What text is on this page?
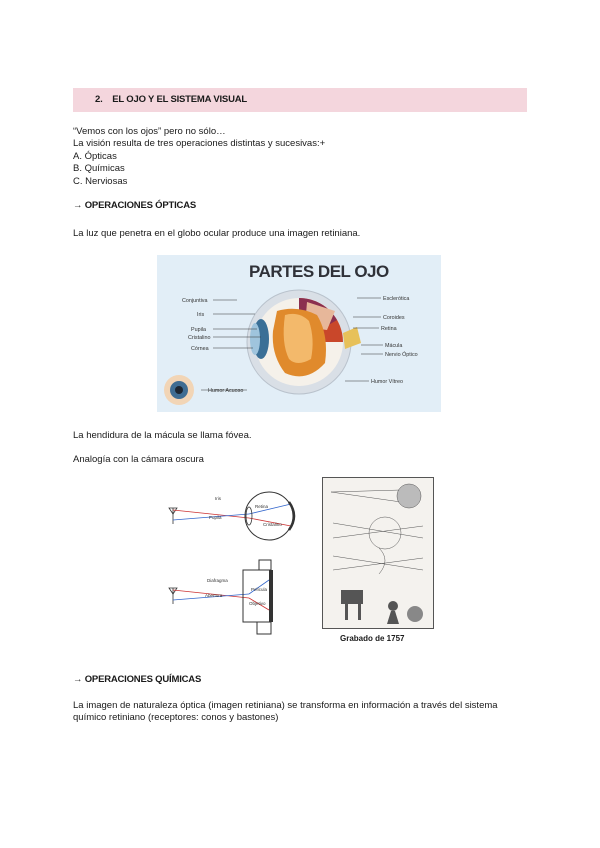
2. EL OJO Y EL SISTEMA VISUAL
“Vemos con los ojos” pero no sólo…
La visión resulta de tres operaciones distintas y sucesivas:+
A. Ópticas
B. Químicas
C. Nerviosas
→ OPERACIONES ÓPTICAS
La luz que penetra en el globo ocular produce una imagen retiniana.
PARTES DEL OJO
Conjuntiva
Iris
Pupila
Cristalino
Córnea
Humor Acuoso
Esclerótica
Coroides
Retina
Mácula
Nervio Óptico
Humor Vítreo
La hendidura de la mácula se llama fóvea.
Analogía con la cámara oscura
Iris
Pupila
Retina
Cristalino
Diafragma
Abertura
Película
Objetivo
Grabado de 1757
→ OPERACIONES QUÍMICAS
La imagen de naturaleza óptica (imagen retiniana) se transforma en información a través del sistema
químico retiniano (receptores: conos y bastones)
